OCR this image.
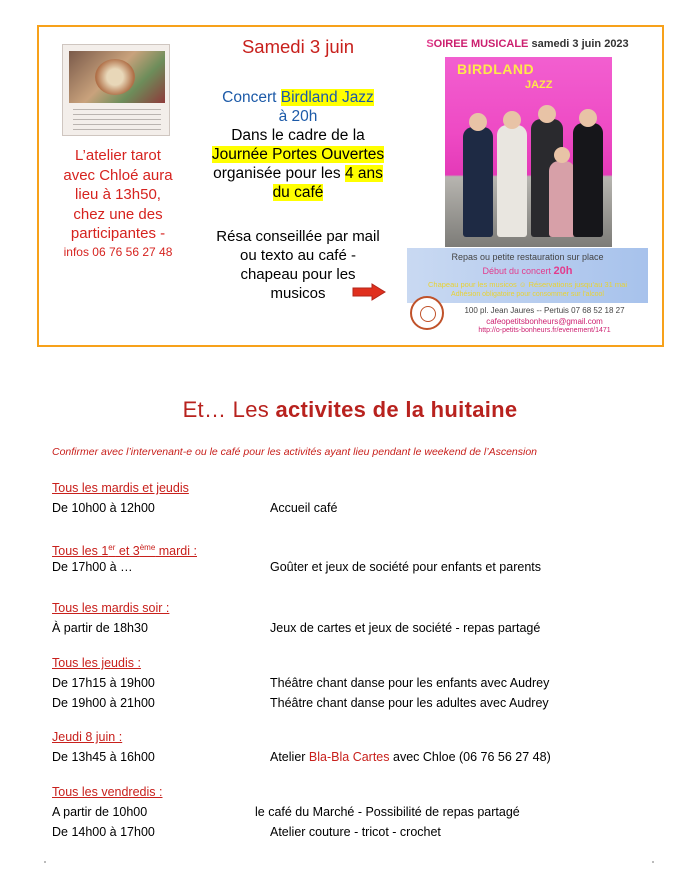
L’atelier tarot
avec Chloé aura
lieu à 13h50,
chez une des
participantes -
infos 06 76 56 27 48
Samedi 3 juin
Concert Birdland Jazz
à 20h
Dans le cadre de la
Journée Portes Ouvertes
organisée pour les 4 ans
du café
Résa conseillée par mail
ou texto au café -
chapeau pour les
musicos
SOIREE MUSICALE samedi 3 juin 2023
BIRDLAND
JAZZ
Repas ou petite restauration sur place
Début du concert 20h
Chapeau pour les musicos ☺ Réservations jusqu’au 31 mai
Adhésion obligatoire pour consommer sur l’alcool
100 pl. Jean Jaures -- Pertuis 07 68 52 18 27
cafeopetitsbonheurs@gmail.com
http://o-petits-bonheurs.fr/evenement/1471
Et… Les activites de la huitaine
Confirmer avec l’intervenant-e ou le café pour les activités ayant lieu pendant le weekend de l’Ascension
Tous les mardis et jeudis
De 10h00 à 12h00	Accueil café
Tous les 1er et 3ème mardi :
De 17h00 à …	Goûter et jeux de société pour enfants et parents
Tous les mardis soir :
À partir de 18h30	Jeux de cartes et jeux de société - repas partagé
Tous les jeudis :
De 17h15 à 19h00	Théâtre chant danse pour les enfants avec Audrey
De 19h00 à 21h00	Théâtre chant danse pour les adultes avec Audrey
Jeudi 8 juin :
De 13h45 à 16h00	Atelier Bla-Bla Cartes avec Chloe (06 76 56 27 48)
Tous les vendredis :
A partir de 10h00	le café du Marché - Possibilité de repas partagé
De 14h00 à 17h00	Atelier couture - tricot - crochet
